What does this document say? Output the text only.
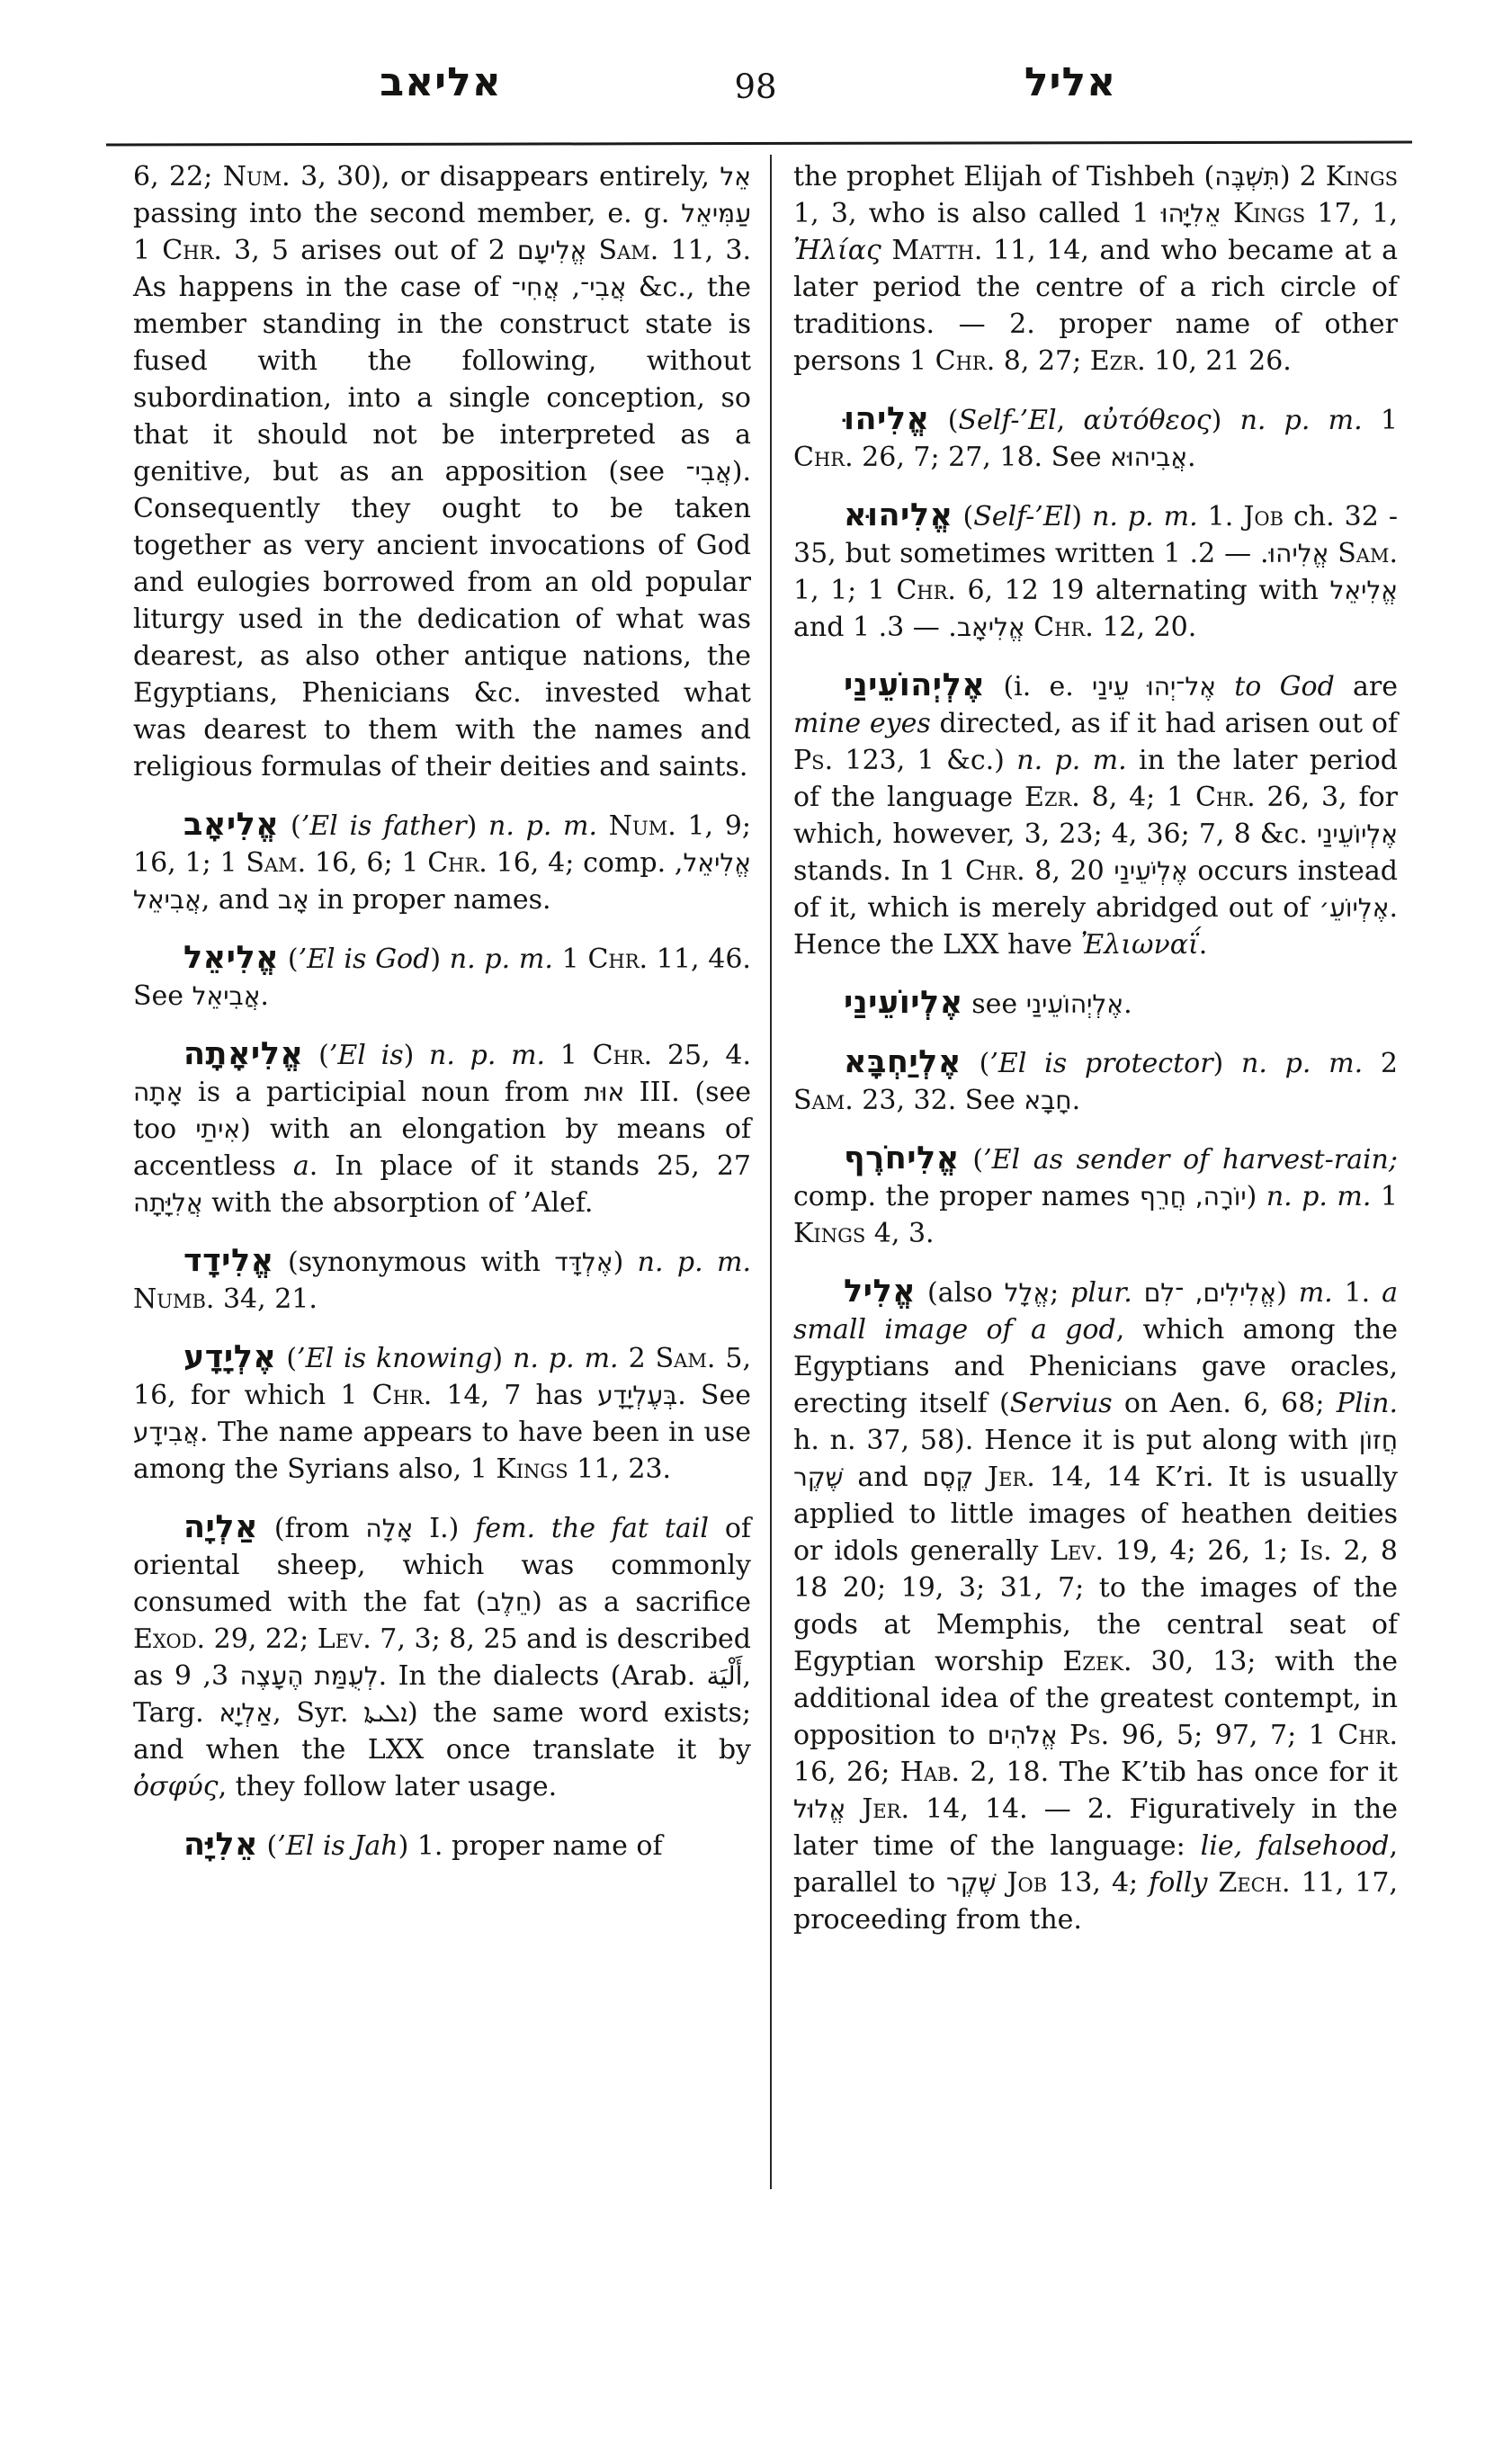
אליאב	98	אליל

6, 22; Num. 3, 30), or disappears entirely, אֵל passing into the second member, e. g. עַמִּיאֵל 1 Chr. 3, 5 arises out of אֱלִיעָם 2 Sam. 11, 3. As happens in the case of	אֲבִי־, אֲחִי־ &c., the member standing in the construct state is fused with the following, without subordination, into a single conception, so that it should not be interpreted as a genitive, but as an apposition (see אֲבִי־). Consequently they ought to be taken together as very ancient invocations of God and eulogies borrowed from an old popular liturgy used in the dedication of what was dearest, as also other antique nations, the Egyptians, Phenicians &c. invested what was dearest to them with the names and religious formulas of their deities and saints.

אֱלִיאָב (’El is father) n. p. m. Num. 1, 9; 16, 1; 1 Sam. 16, 6; 1 Chr. 16, 4; comp. אֱלִיאֵל, אֲבִיאֵל, and אָב in proper names.

אֱלִיאֵל (’El is God) n. p. m. 1 Chr. 11, 46. See אֲבִיאֵל.

אֱלִיאָתָה (’El is) n. p. m. 1 Chr. 25, 4. אָתָה is a participial noun from אוּת III. (see too אִיתַי) with an elongation by means of accentless a. In place of it stands 25, 27 אֲלִיָּתָה with the absorption of ’Alef.

אֱלִידָד (synonymous with אֶלְדָּד) n. p. m. Numb. 34, 21.

אֶלְיָדָע (’El is knowing) n. p. m. 2 Sam. 5, 16, for which 1 Chr. 14, 7 has בְּעֶלְיָדָע. See אֲבִידָע. The name appears to have been in use among the Syrians also, 1 Kings 11, 23.

אַלְיָה (from אָלָה I.) fem. the fat tail of oriental sheep, which was commonly consumed with the fat (חֵלֶב) as a sacrifice Exod. 29, 22; Lev. 7, 3; 8, 25 and is described as	לְעֻמַּת הֶעָצֶה 3, 9. In the dialects (Arab. أَلْيَة, Targ. אַלְיָא, Syr. ܐܠܝܬܐ) the same word exists; and when the LXX once translate it by ὀσφύς, they follow later usage.

אֵלִיָּה (’El is Jah) 1. proper name of

the prophet Elijah of Tishbeh (תִּשְׁבֶּה) 2 Kings 1, 3, who is also called אֵלִיָּהוּ 1 Kings 17, 1, Ἠλίας Matth. 11, 14, and who became at a later period the centre of a rich circle of traditions. — 2. proper name of other persons 1 Chr. 8, 27; Ezr. 10, 21 26.

אֱלִיהוּ (Self-’El, αὐτόθεος) n. p. m. 1 Chr. 26, 7; 27, 18. See אֲבִיהוּא.

אֱלִיהוּא (Self-’El) n. p. m. 1. Job ch. 32 - 35, but sometimes written	אֱלִיהוּ. — 2. 1 Sam. 1, 1; 1 Chr. 6, 12 19 alternating with אֱלִיאֵל and	אֱלִיאָב. — 3. 1 Chr. 12, 20.

אֶלְיְהוֹעֵינַי (i. e. אֶל־יְהוּ עֵינַי to God are mine eyes directed, as if it had arisen out of Ps. 123, 1 &c.) n. p. m. in the later period of the language Ezr. 8, 4; 1 Chr. 26, 3, for which, however, 3, 23; 4, 36; 7, 8 &c. אֶלְיוֹעֵינַי stands. In 1 Chr. 8, 20 אֶלְיֹעֵינַי occurs instead of it, which is merely abridged out of אֶלְיוֹעֵ׳. Hence the LXX have Ἐλιωναΐ.

אֶלְיוֹעֵינַי see אֶלְיְהוֹעֵינַי.

אֶלְיַחְבָּא (’El is protector) n. p. m. 2 Sam. 23, 32. See חָבָא.

אֱלִיחֹרֶף (’El as sender of harvest-rain; comp. the proper names יוֹרָה, חֲרֵף) n. p. m. 1 Kings 4, 3.

אֱלִיל (also אֱלָל; plur. אֱלִילִים, ־לִם) m. 1. a small image of a god, which among the Egyptians and Phenicians gave oracles, erecting itself (Servius on Aen. 6, 68; Plin. h. n. 37, 58). Hence it is put along with חֲזוֹן שֶׁקֶר and קֶסֶם Jer. 14, 14 K’ri. It is usually applied to little images of heathen deities or idols generally Lev. 19, 4; 26, 1; Is. 2, 8 18 20; 19, 3; 31, 7; to the images of the gods at Memphis, the central seat of Egyptian worship Ezek. 30, 13; with the additional idea of the greatest contempt, in opposition to אֱלֹהִים Ps. 96, 5; 97, 7; 1 Chr. 16, 26; Hab. 2, 18. The K’tib has once for it אֱלוּל Jer. 14, 14. — 2. Figuratively in the later time of the language: lie, falsehood, parallel to שֶׁקֶר Job 13, 4; folly Zech. 11, 17, proceeding from the.
